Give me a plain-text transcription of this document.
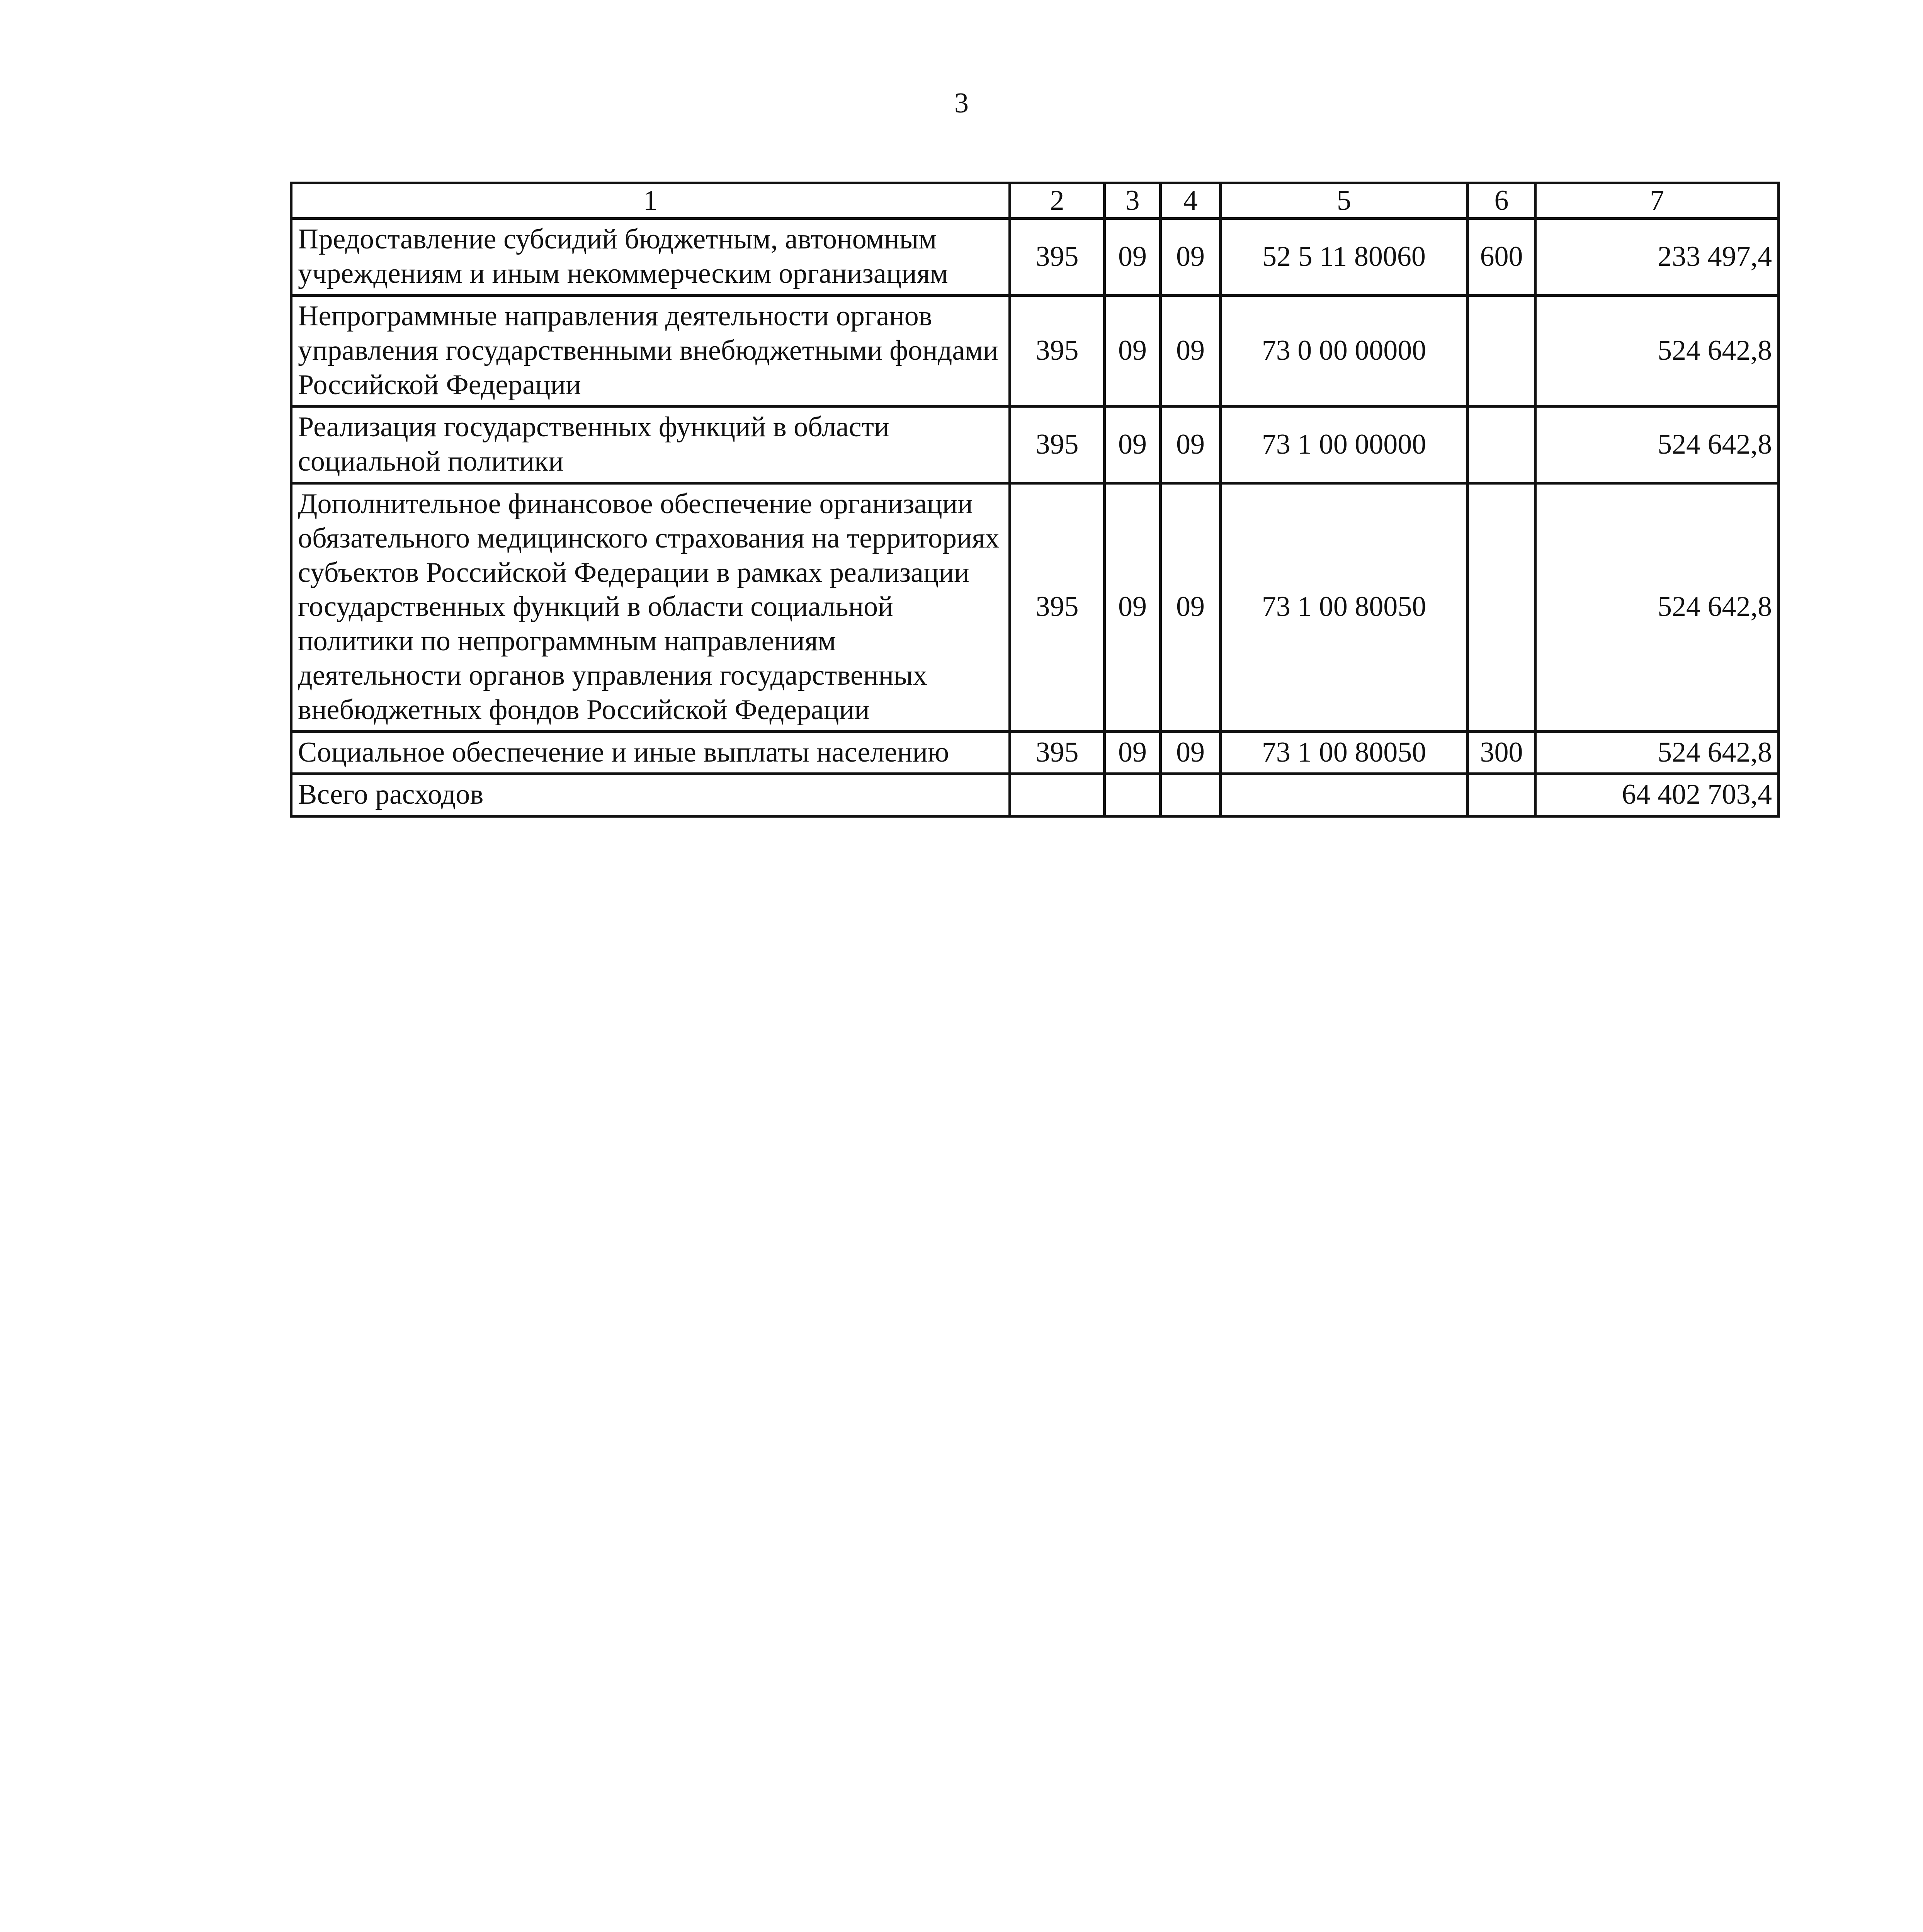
3
1	2	3	4	5	6	7
Предоставление субсидий бюджетным, автономным учреждениям и иным некоммерческим организациям	395	09	09	52 5 11 80060	600	233 497,4
Непрограммные направления деятельности органов управления государственными внебюджетными фондами Российской Федерации	395	09	09	73 0 00 00000		524 642,8
Реализация государственных функций в области социальной политики	395	09	09	73 1 00 00000		524 642,8
Дополнительное финансовое обеспечение организации обязательного медицинского страхования на территориях субъектов Российской Федерации в рамках реализации государственных функций в области социальной политики по непрограммным направлениям деятельности органов управления государственных внебюджетных фондов Российской Федерации	395	09	09	73 1 00 80050		524 642,8
Социальное обеспечение и иные выплаты населению	395	09	09	73 1 00 80050	300	524 642,8
Всего расходов						64 402 703,4
